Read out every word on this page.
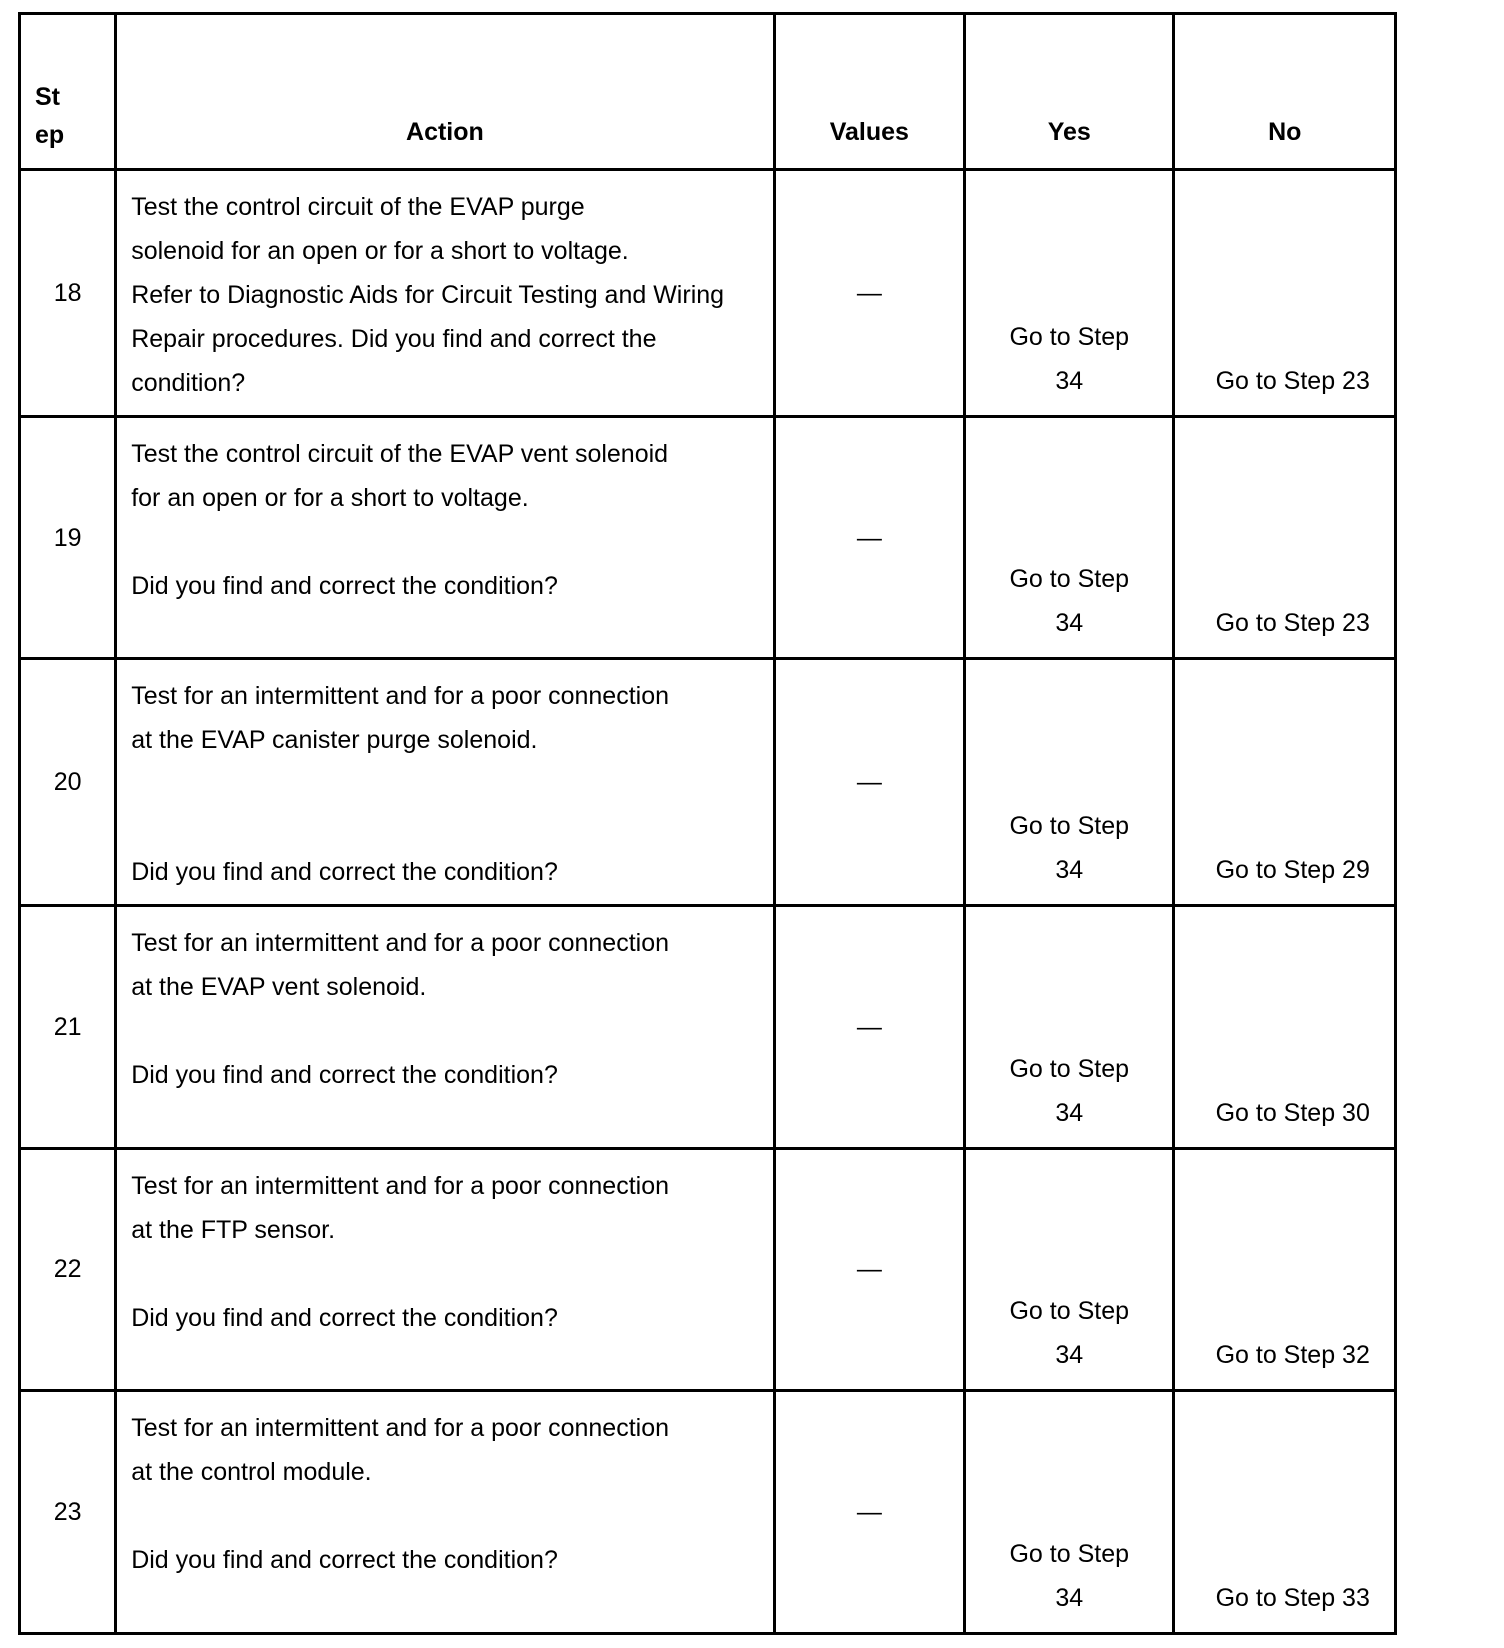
St
ep	Action	Values	Yes	No
18	Test the control circuit of the EVAP purge
solenoid for an open or for a short to voltage.
Refer to Diagnostic Aids for Circuit Testing and Wiring
Repair procedures. Did you find and correct the
condition?	—	Go to Step
34	Go to Step 23
19	Test the control circuit of the EVAP vent solenoid
for an open or for a short to voltage.
Did you find and correct the condition?	—	Go to Step
34	Go to Step 23
20	Test for an intermittent and for a poor connection
at the EVAP canister purge solenoid.
Did you find and correct the condition?	—	Go to Step
34	Go to Step 29
21	Test for an intermittent and for a poor connection
at the EVAP vent solenoid.
Did you find and correct the condition?	—	Go to Step
34	Go to Step 30
22	Test for an intermittent and for a poor connection
at the FTP sensor.
Did you find and correct the condition?	—	Go to Step
34	Go to Step 32
23	Test for an intermittent and for a poor connection
at the control module.
Did you find and correct the condition?	—	Go to Step
34	Go to Step 33
